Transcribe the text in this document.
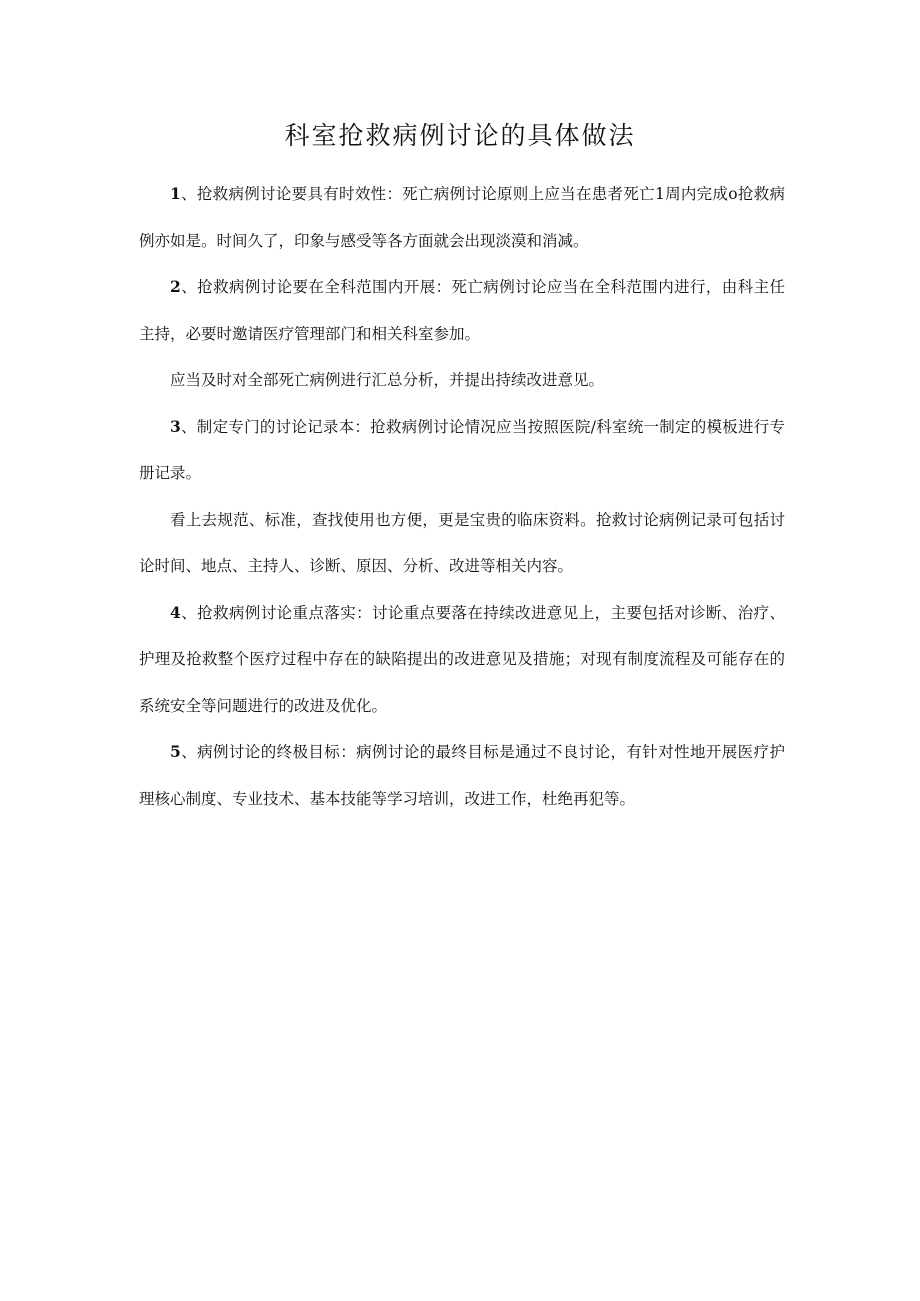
科室抢救病例讨论的具体做法

1、抢救病例讨论要具有时效性：死亡病例讨论原则上应当在患者死亡1周内完成o抢救病例亦如是。时间久了，印象与感受等各方面就会出现淡漠和消减。

2、抢救病例讨论要在全科范围内开展：死亡病例讨论应当在全科范围内进行，由科主任主持，必要时邀请医疗管理部门和相关科室参加。

应当及时对全部死亡病例进行汇总分析，并提出持续改进意见。

3、制定专门的讨论记录本：抢救病例讨论情况应当按照医院/科室统一制定的模板进行专册记录。

看上去规范、标准，查找使用也方便，更是宝贵的临床资料。抢救讨论病例记录可包括讨论时间、地点、主持人、诊断、原因、分析、改进等相关内容。

4、抢救病例讨论重点落实：讨论重点要落在持续改进意见上，主要包括对诊断、治疗、护理及抢救整个医疗过程中存在的缺陷提出的改进意见及措施；对现有制度流程及可能存在的系统安全等问题进行的改进及优化。

5、病例讨论的终极目标：病例讨论的最终目标是通过不良讨论，有针对性地开展医疗护理核心制度、专业技术、基本技能等学习培训，改进工作，杜绝再犯等。
